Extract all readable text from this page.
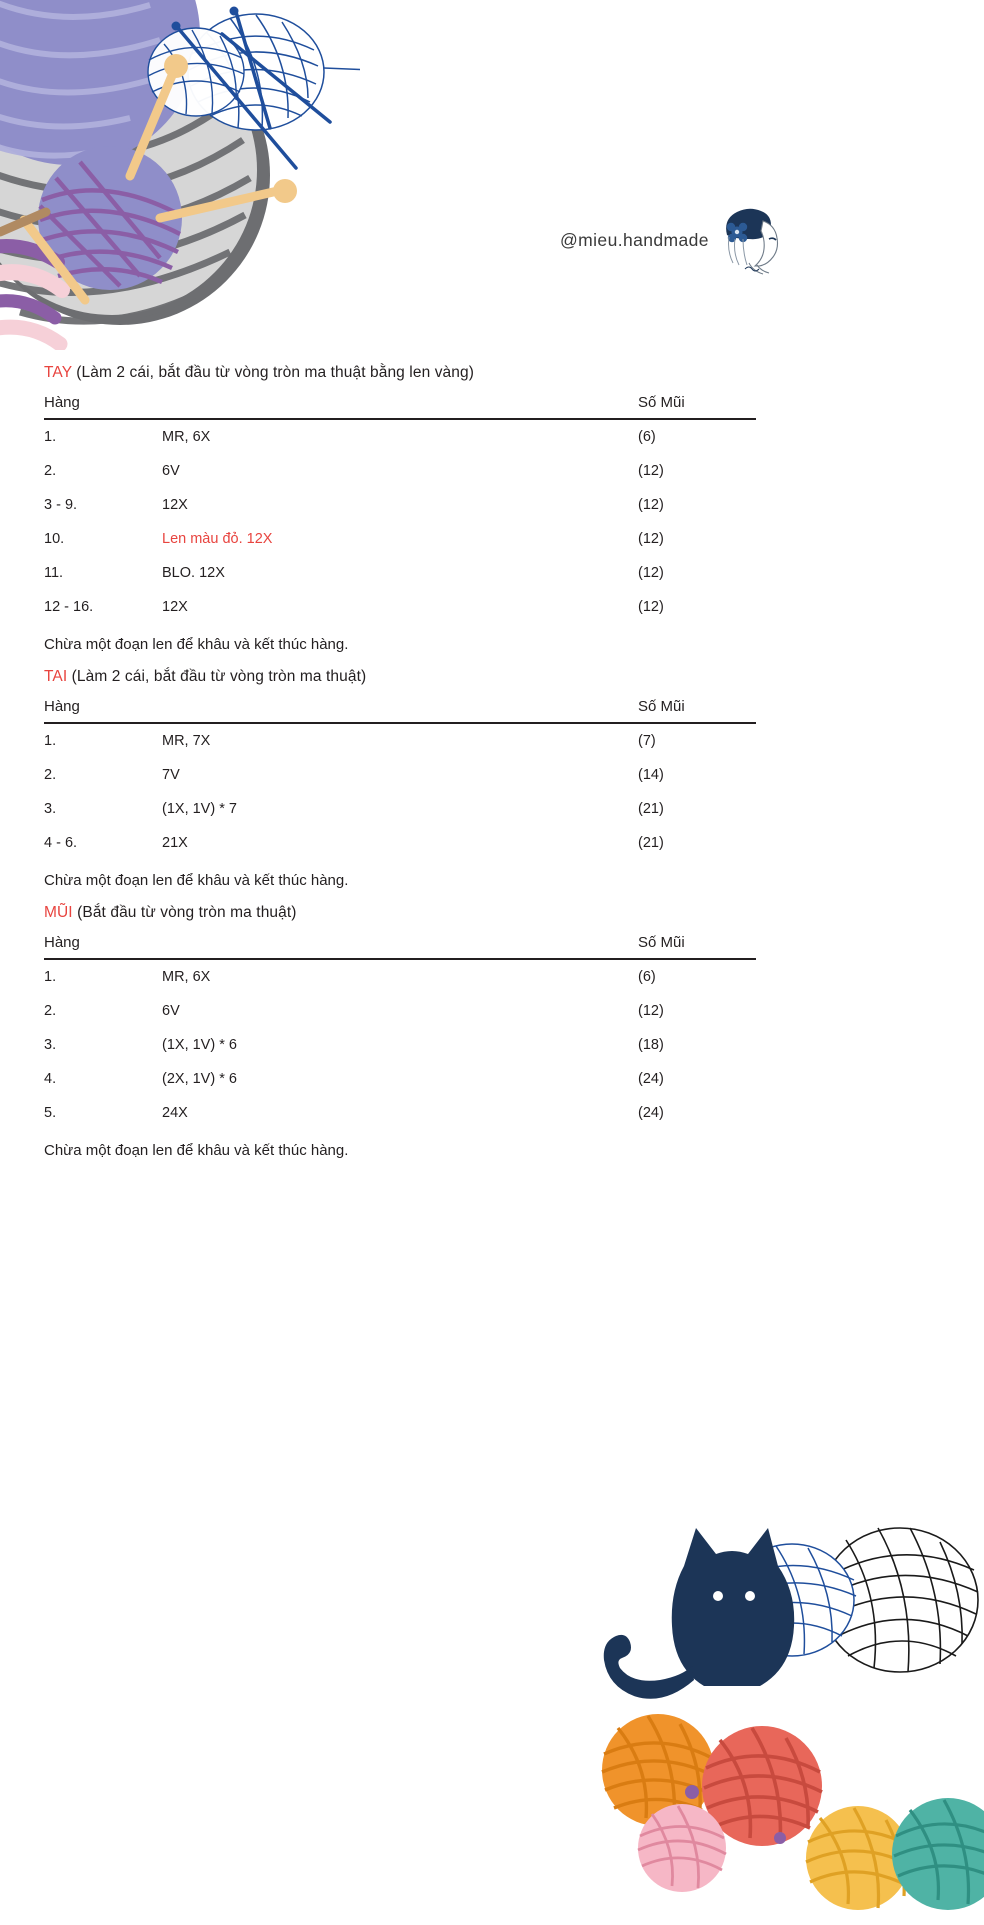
@mieu.handmade
TAY (Làm 2 cái, bắt đầu từ vòng tròn ma thuật bằng len vàng)
Hàng		Số Mũi
1.	MR, 6X	(6)
2.	6V	(12)
3 - 9.	12X	(12)
10.	Len màu đỏ. 12X	(12)
11.	BLO. 12X	(12)
12 - 16.	12X	(12)
Chừa một đoạn len để khâu và kết thúc hàng.
TAI (Làm 2 cái, bắt đầu từ vòng tròn ma thuật)
Hàng		Số Mũi
1.	MR, 7X	(7)
2.	7V	(14)
3.	(1X, 1V) * 7	(21)
4 - 6.	21X	(21)
Chừa một đoạn len để khâu và kết thúc hàng.
MŨI (Bắt đầu từ vòng tròn ma thuật)
Hàng		Số Mũi
1.	MR, 6X	(6)
2.	6V	(12)
3.	(1X, 1V) * 6	(18)
4.	(2X, 1V) * 6	(24)
5.	24X	(24)
Chừa một đoạn len để khâu và kết thúc hàng.
